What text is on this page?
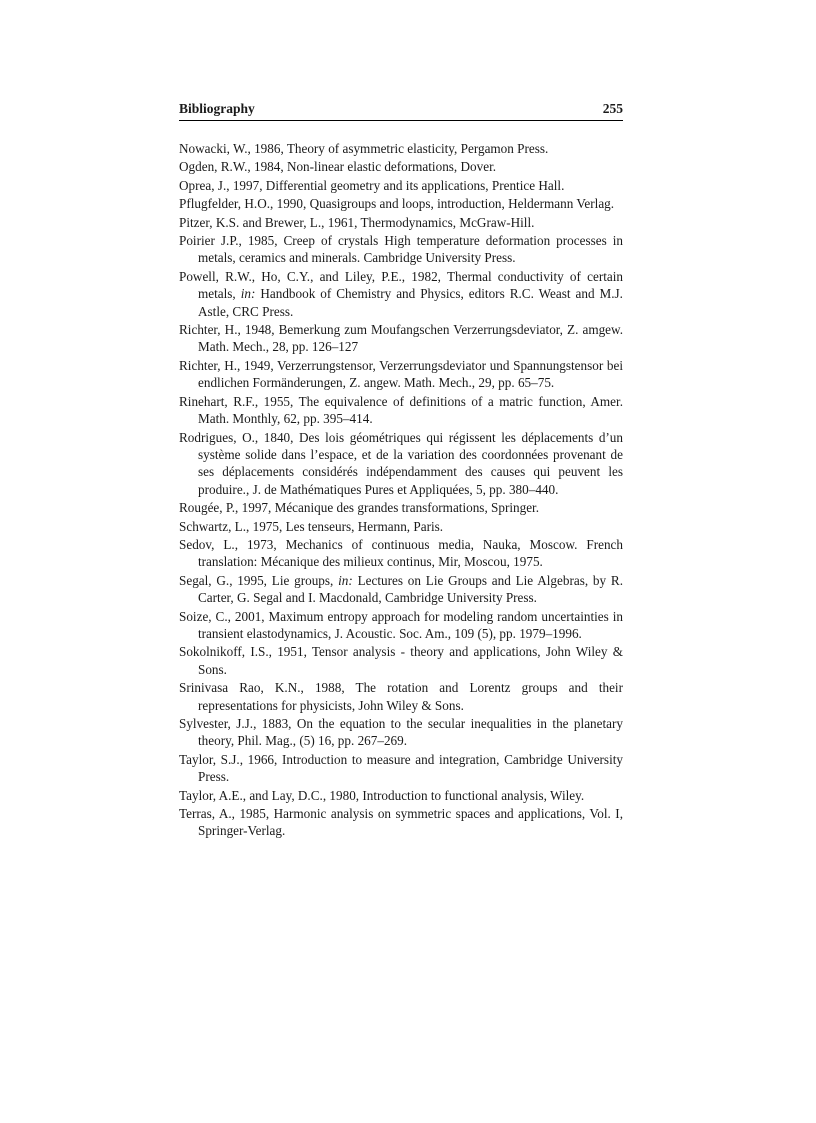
Bibliography	255
Nowacki, W., 1986, Theory of asymmetric elasticity, Pergamon Press.
Ogden, R.W., 1984, Non-linear elastic deformations, Dover.
Oprea, J., 1997, Differential geometry and its applications, Prentice Hall.
Pflugfelder, H.O., 1990, Quasigroups and loops, introduction, Heldermann Verlag.
Pitzer, K.S. and Brewer, L., 1961, Thermodynamics, McGraw-Hill.
Poirier J.P., 1985, Creep of crystals High temperature deformation processes in metals, ceramics and minerals. Cambridge University Press.
Powell, R.W., Ho, C.Y., and Liley, P.E., 1982, Thermal conductivity of certain metals, in: Handbook of Chemistry and Physics, editors R.C. Weast and M.J. Astle, CRC Press.
Richter, H., 1948, Bemerkung zum Moufangschen Verzerrungsdeviator, Z. amgew. Math. Mech., 28, pp. 126–127
Richter, H., 1949, Verzerrungstensor, Verzerrungsdeviator und Spannungstensor bei endlichen Formänderungen, Z. angew. Math. Mech., 29, pp. 65–75.
Rinehart, R.F., 1955, The equivalence of definitions of a matric function, Amer. Math. Monthly, 62, pp. 395–414.
Rodrigues, O., 1840, Des lois géométriques qui régissent les déplacements d’un système solide dans l’espace, et de la variation des coordonnées provenant de ses déplacements considérés indépendamment des causes qui peuvent les produire., J. de Mathématiques Pures et Appliquées, 5, pp. 380–440.
Rougée, P., 1997, Mécanique des grandes transformations, Springer.
Schwartz, L., 1975, Les tenseurs, Hermann, Paris.
Sedov, L., 1973, Mechanics of continuous media, Nauka, Moscow. French translation: Mécanique des milieux continus, Mir, Moscou, 1975.
Segal, G., 1995, Lie groups, in: Lectures on Lie Groups and Lie Algebras, by R. Carter, G. Segal and I. Macdonald, Cambridge University Press.
Soize, C., 2001, Maximum entropy approach for modeling random uncertainties in transient elastodynamics, J. Acoustic. Soc. Am., 109 (5), pp. 1979–1996.
Sokolnikoff, I.S., 1951, Tensor analysis - theory and applications, John Wiley & Sons.
Srinivasa Rao, K.N., 1988, The rotation and Lorentz groups and their representations for physicists, John Wiley & Sons.
Sylvester, J.J., 1883, On the equation to the secular inequalities in the planetary theory, Phil. Mag., (5) 16, pp. 267–269.
Taylor, S.J., 1966, Introduction to measure and integration, Cambridge University Press.
Taylor, A.E., and Lay, D.C., 1980, Introduction to functional analysis, Wiley.
Terras, A., 1985, Harmonic analysis on symmetric spaces and applications, Vol. I, Springer-Verlag.
